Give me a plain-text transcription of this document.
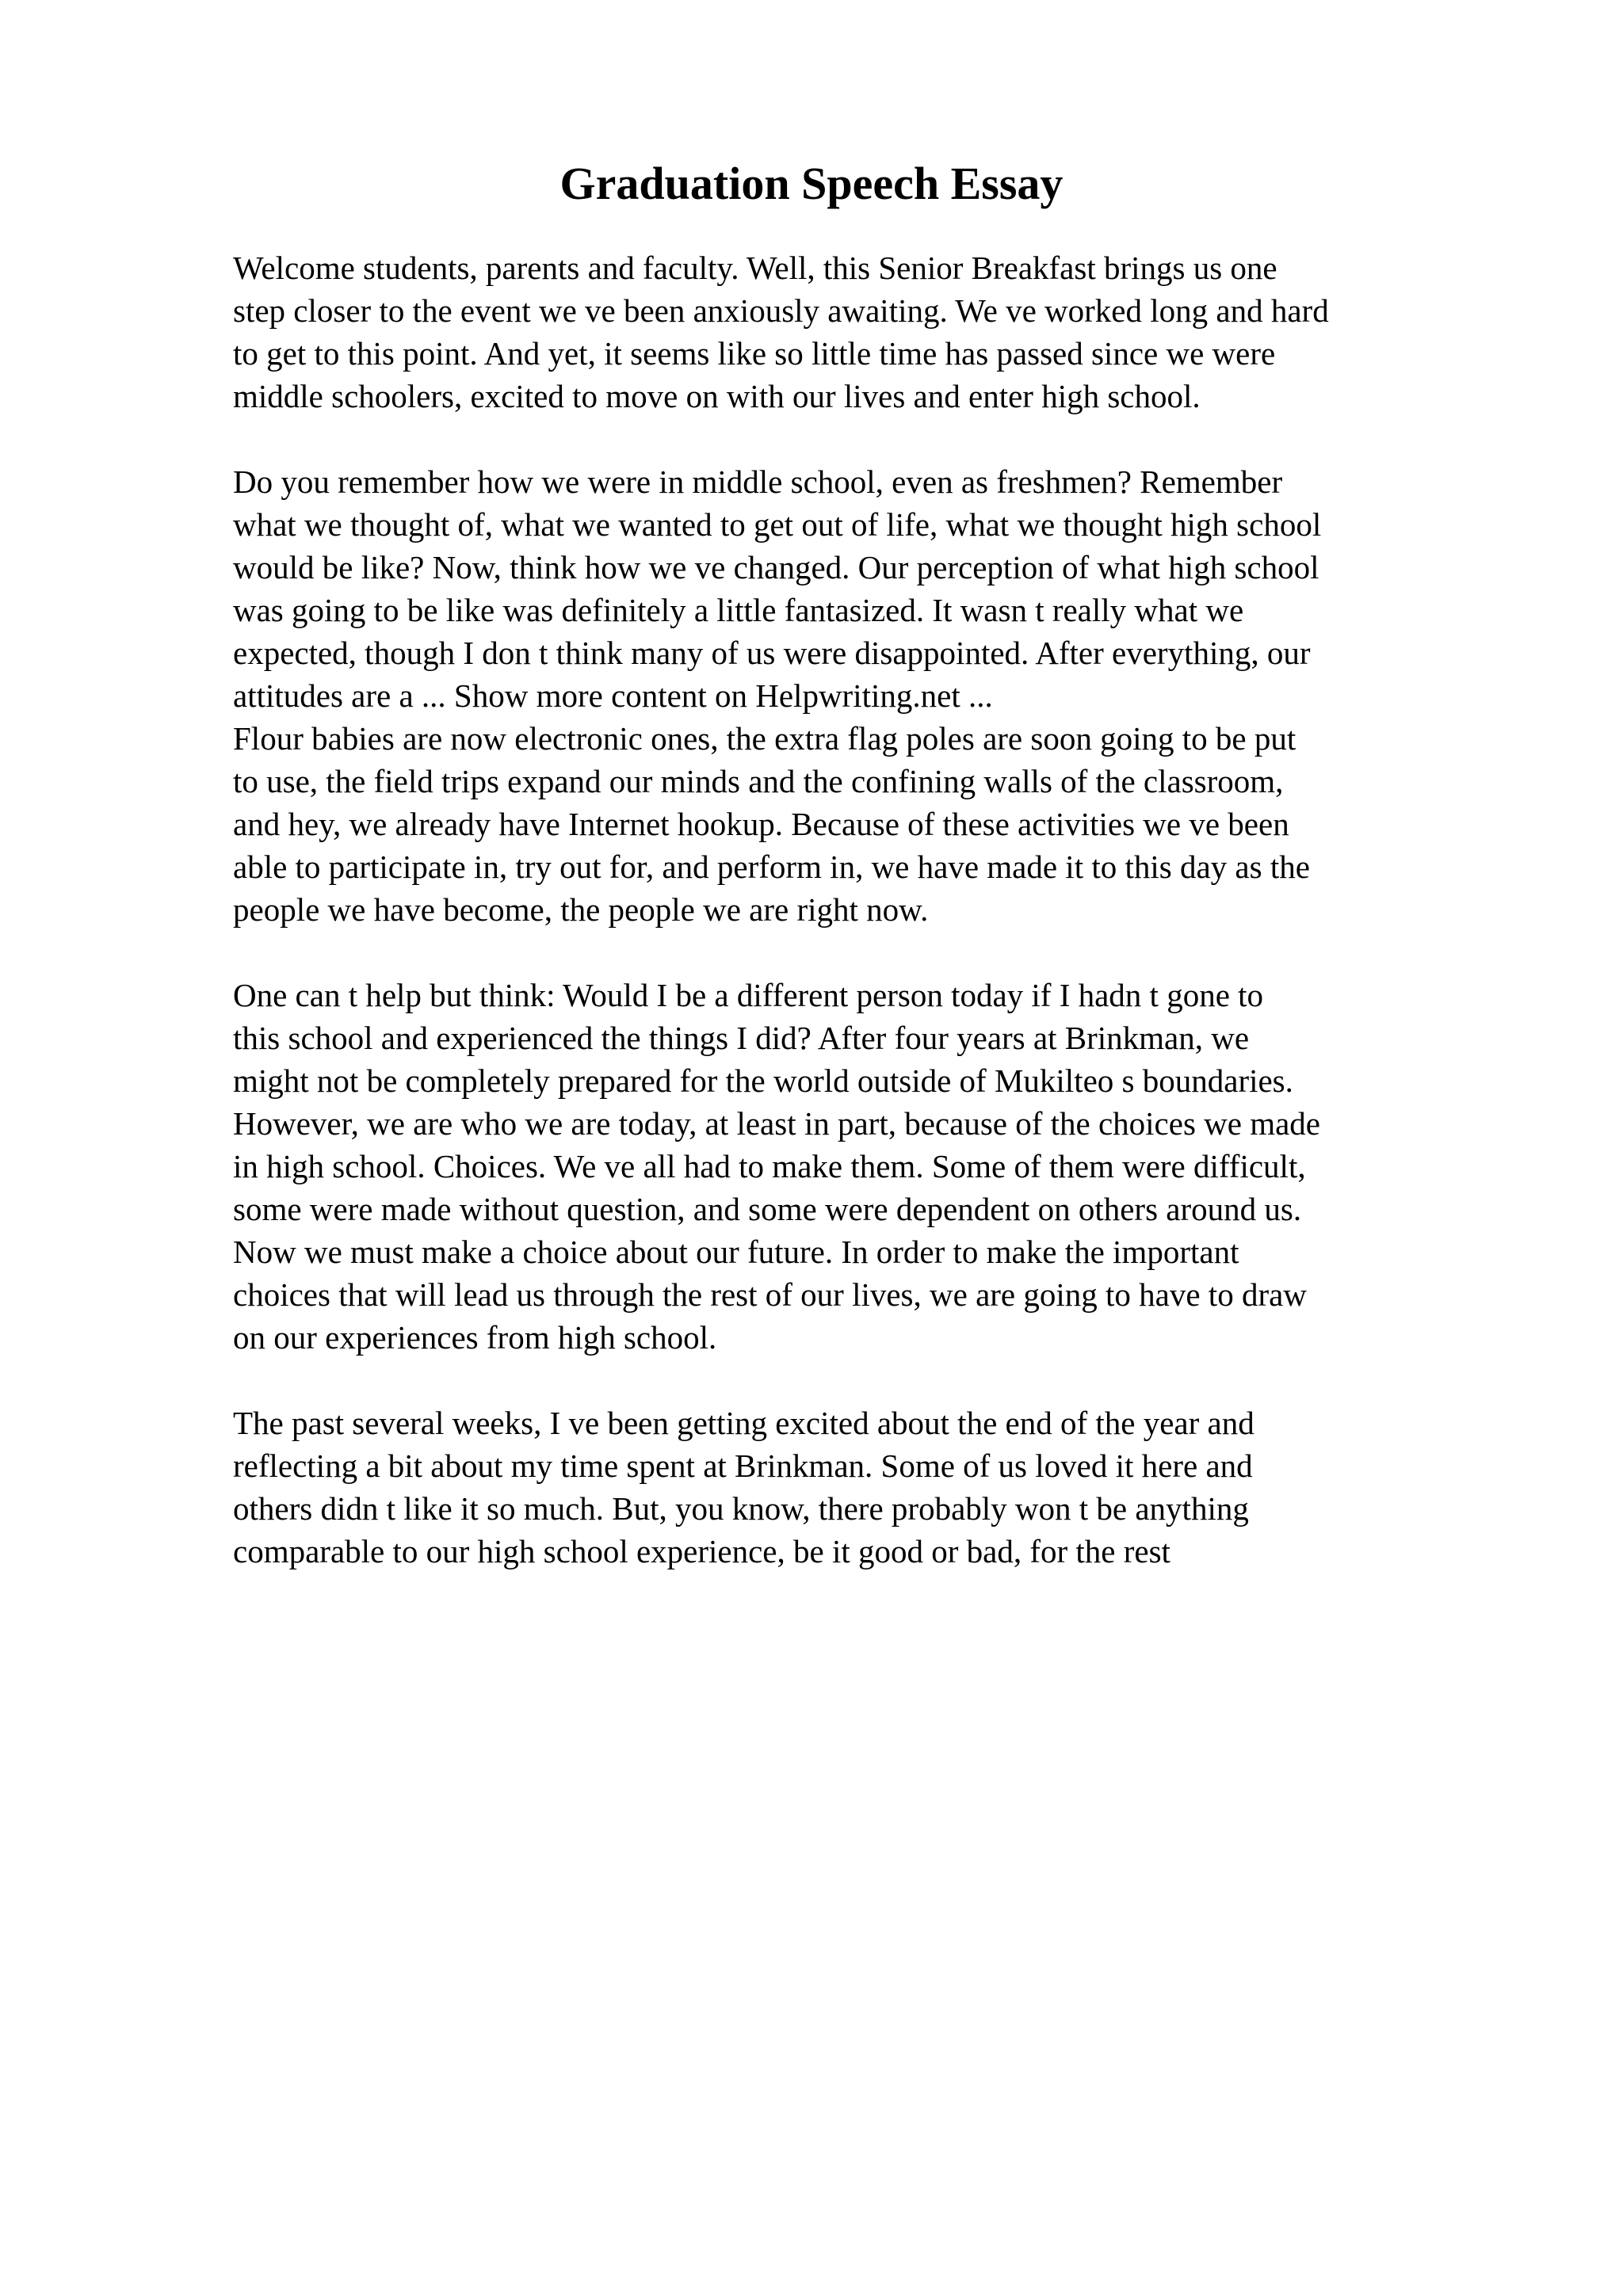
Graduation Speech Essay
Welcome students, parents and faculty. Well, this Senior Breakfast brings us one
step closer to the event we ve been anxiously awaiting. We ve worked long and hard
to get to this point. And yet, it seems like so little time has passed since we were
middle schoolers, excited to move on with our lives and enter high school.
Do you remember how we were in middle school, even as freshmen? Remember
what we thought of, what we wanted to get out of life, what we thought high school
would be like? Now, think how we ve changed. Our perception of what high school
was going to be like was definitely a little fantasized. It wasn t really what we
expected, though I don t think many of us were disappointed. After everything, our
attitudes are a ... Show more content on Helpwriting.net ...
Flour babies are now electronic ones, the extra flag poles are soon going to be put
to use, the field trips expand our minds and the confining walls of the classroom,
and hey, we already have Internet hookup. Because of these activities we ve been
able to participate in, try out for, and perform in, we have made it to this day as the
people we have become, the people we are right now.
One can t help but think: Would I be a different person today if I hadn t gone to
this school and experienced the things I did? After four years at Brinkman, we
might not be completely prepared for the world outside of Mukilteo s boundaries.
However, we are who we are today, at least in part, because of the choices we made
in high school. Choices. We ve all had to make them. Some of them were difficult,
some were made without question, and some were dependent on others around us.
Now we must make a choice about our future. In order to make the important
choices that will lead us through the rest of our lives, we are going to have to draw
on our experiences from high school.
The past several weeks, I ve been getting excited about the end of the year and
reflecting a bit about my time spent at Brinkman. Some of us loved it here and
others didn t like it so much. But, you know, there probably won t be anything
comparable to our high school experience, be it good or bad, for the rest
